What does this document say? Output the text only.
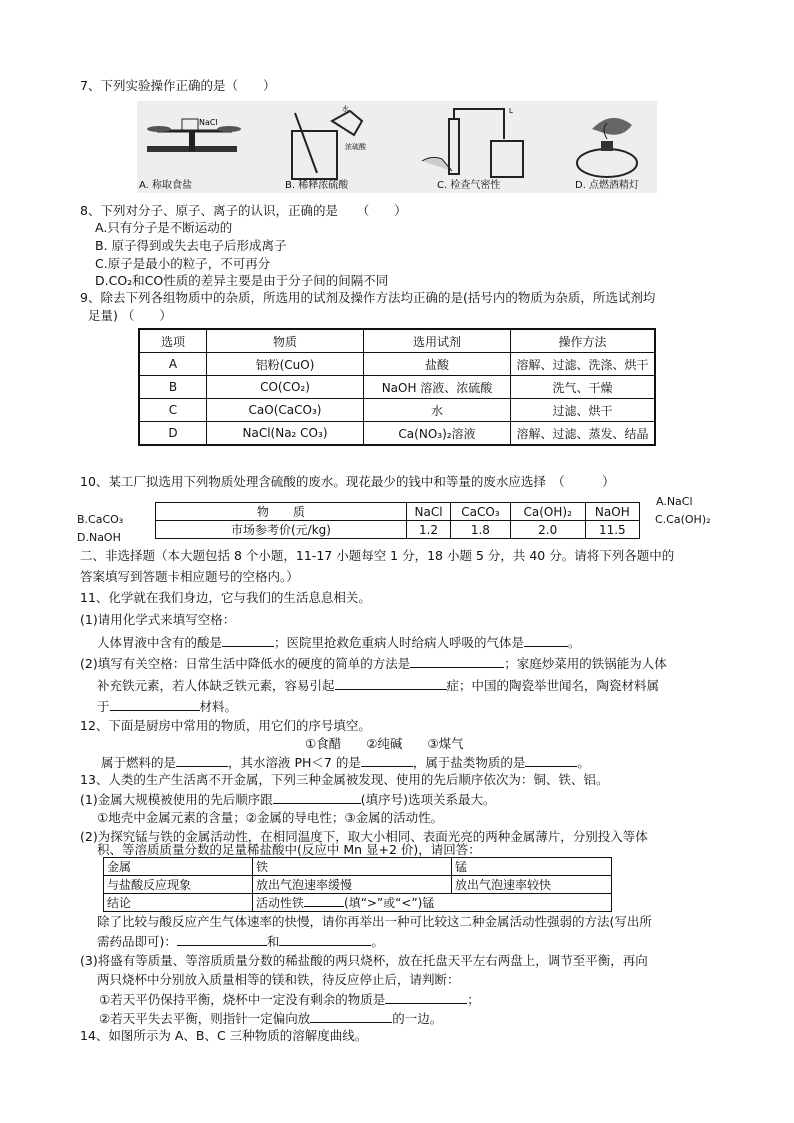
7、下列实验操作正确的是（　　）
NaCl
水
浓硫酸
L
A. 称取食盐	B. 稀释浓硫酸	C. 检查气密性	D. 点燃酒精灯
8、下列对分子、原子、离子的认识，正确的是　　（　　）
A.只有分子是不断运动的
B. 原子得到或失去电子后形成离子
C.原子是最小的粒子，不可再分
D.CO₂和CO性质的差异主要是由于分子间的间隔不同
9、除去下列各组物质中的杂质，所选用的试剂及操作方法均正确的是(括号内的物质为杂质，所选试剂均
足量) （　　）
选项	物质	选用试剂	操作方法
A	铝粉(CuO)	盐酸	溶解、过滤、洗涤、烘干
B	CO(CO₂)	NaOH 溶液、浓硫酸	洗气、干燥
C	CaO(CaCO₃)	水	过滤、烘干
D	NaCl(Na₂ CO₃)	Ca(NO₃)₂溶液	溶解、过滤、蒸发、结晶
10、某工厂拟选用下列物质处理含硫酸的废水。现花最少的钱中和等量的废水应选择　（　　　）
A.NaCl
B.CaCO₃	C.Ca(OH)₂
D.NaOH
物　　质	NaCl	CaCO₃	Ca(OH)₂	NaOH
市场参考价(元/kg)	1.2	1.8	2.0	11.5
二、非选择题（本大题包括 8 个小题，11-17 小题每空 1 分，18 小题 5 分，共 40 分。请将下列各题中的
答案填写到答题卡相应题号的空格内。）
11、化学就在我们身边，它与我们的生活息息相关。
(1)请用化学式来填写空格：
人体胃液中含有的酸是	；医院里抢救危重病人时给病人呼吸的气体是	。
(2)填写有关空格：日常生活中降低水的硬度的简单的方法是	；家庭炒菜用的铁锅能为人体
补充铁元素，若人体缺乏铁元素，容易引起	症；中国的陶瓷举世闻名，陶瓷材料属
于	材料。
12、下面是厨房中常用的物质，用它们的序号填空。
①食醋　　②纯碱　　③煤气
属于燃料的是	，其水溶液 PH＜7 的是	，属于盐类物质的是	。
13、人类的生产生活离不开金属，下列三种金属被发现、使用的先后顺序依次为：铜、铁、铝。
(1)金属大规模被使用的先后顺序跟	(填序号)选项关系最大。
①地壳中金属元素的含量；②金属的导电性；③金属的活动性。
(2)为探究锰与铁的金属活动性，在相同温度下，取大小相同、表面光亮的两种金属薄片，分别投入等体
积、等溶质质量分数的足量稀盐酸中(反应中 Mn 显+2 价)，请回答：
金属	铁	锰
与盐酸反应现象	放出气泡速率缓慢	放出气泡速率较快
结论	活动性铁 (填“>”或“<”)锰	
除了比较与酸反应产生气体速率的快慢，请你再举出一种可比较这二种金属活动性强弱的方法(写出所
需药品即可)：	和	。
(3)将盛有等质量、等溶质质量分数的稀盐酸的两只烧杯，放在托盘天平左右两盘上，调节至平衡，再向
两只烧杯中分别放入质量相等的镁和铁，待反应停止后，请判断：
①若天平仍保持平衡，烧杯中一定没有剩余的物质是	；
②若天平失去平衡，则指针一定偏向放	的一边。
14、如图所示为 A、B、C 三种物质的溶解度曲线。
